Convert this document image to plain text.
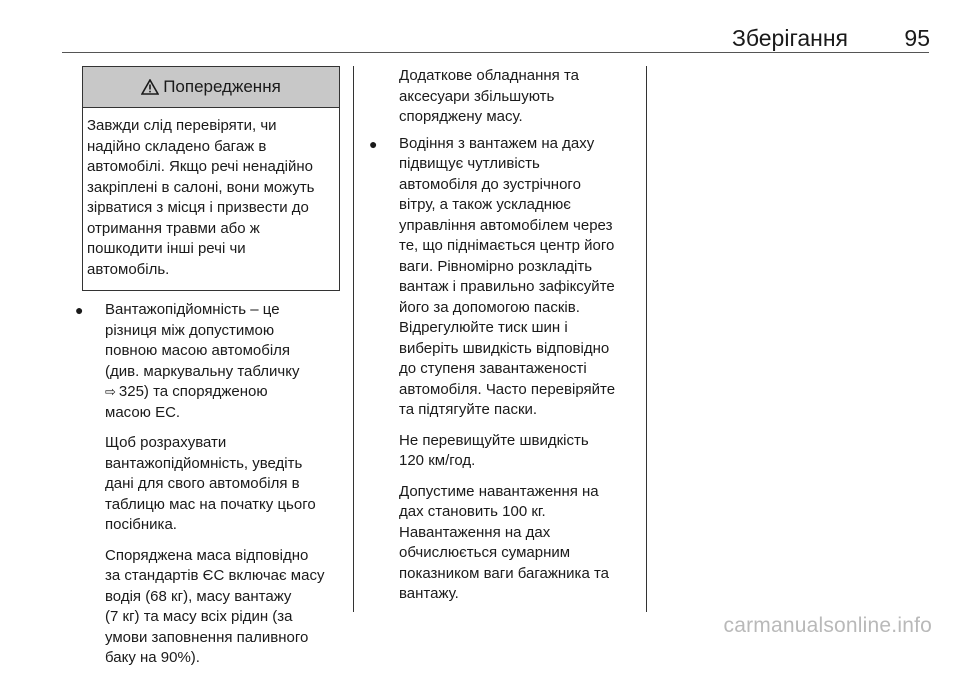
Зберігання 95
Попередження
Завжди слід перевіряти, чи
надійно складено багаж в
автомобілі. Якщо речі ненадійно
закріплені в салоні, вони можуть
зірватися з місця і призвести до
отримання травми або ж
пошкодити інші речі чи
автомобіль.
● Вантажопідйомність – це
різниця між допустимою
повною масою автомобіля
(див. маркувальну табличку
⇨ 325) та спорядженою
масою ЕС.
Щоб розрахувати
вантажопідйомність, уведіть
дані для свого автомобіля в
таблицю мас на початку цього
посібника.
Споряджена маса відповідно
за стандартів ЄС включає масу
водія (68 кг), масу вантажу
(7 кг) та масу всіх рідин (за
умови заповнення паливного
баку на 90%).
Додаткове обладнання та
аксесуари збільшують
споряджену масу.
● Водіння з вантажем на даху
підвищує чутливість
автомобіля до зустрічного
вітру, а також ускладнює
управління автомобілем через
те, що піднімається центр його
ваги. Рівномірно розкладіть
вантаж і правильно зафіксуйте
його за допомогою пасків.
Відрегулюйте тиск шин і
виберіть швидкість відповідно
до ступеня завантаженості
автомобіля. Часто перевіряйте
та підтягуйте паски.
Не перевищуйте швидкість
120 км/год.
Допустиме навантаження на
дах становить 100 кг.
Навантаження на дах
обчислюється сумарним
показником ваги багажника та
вантажу.
carmanualsonline.info
